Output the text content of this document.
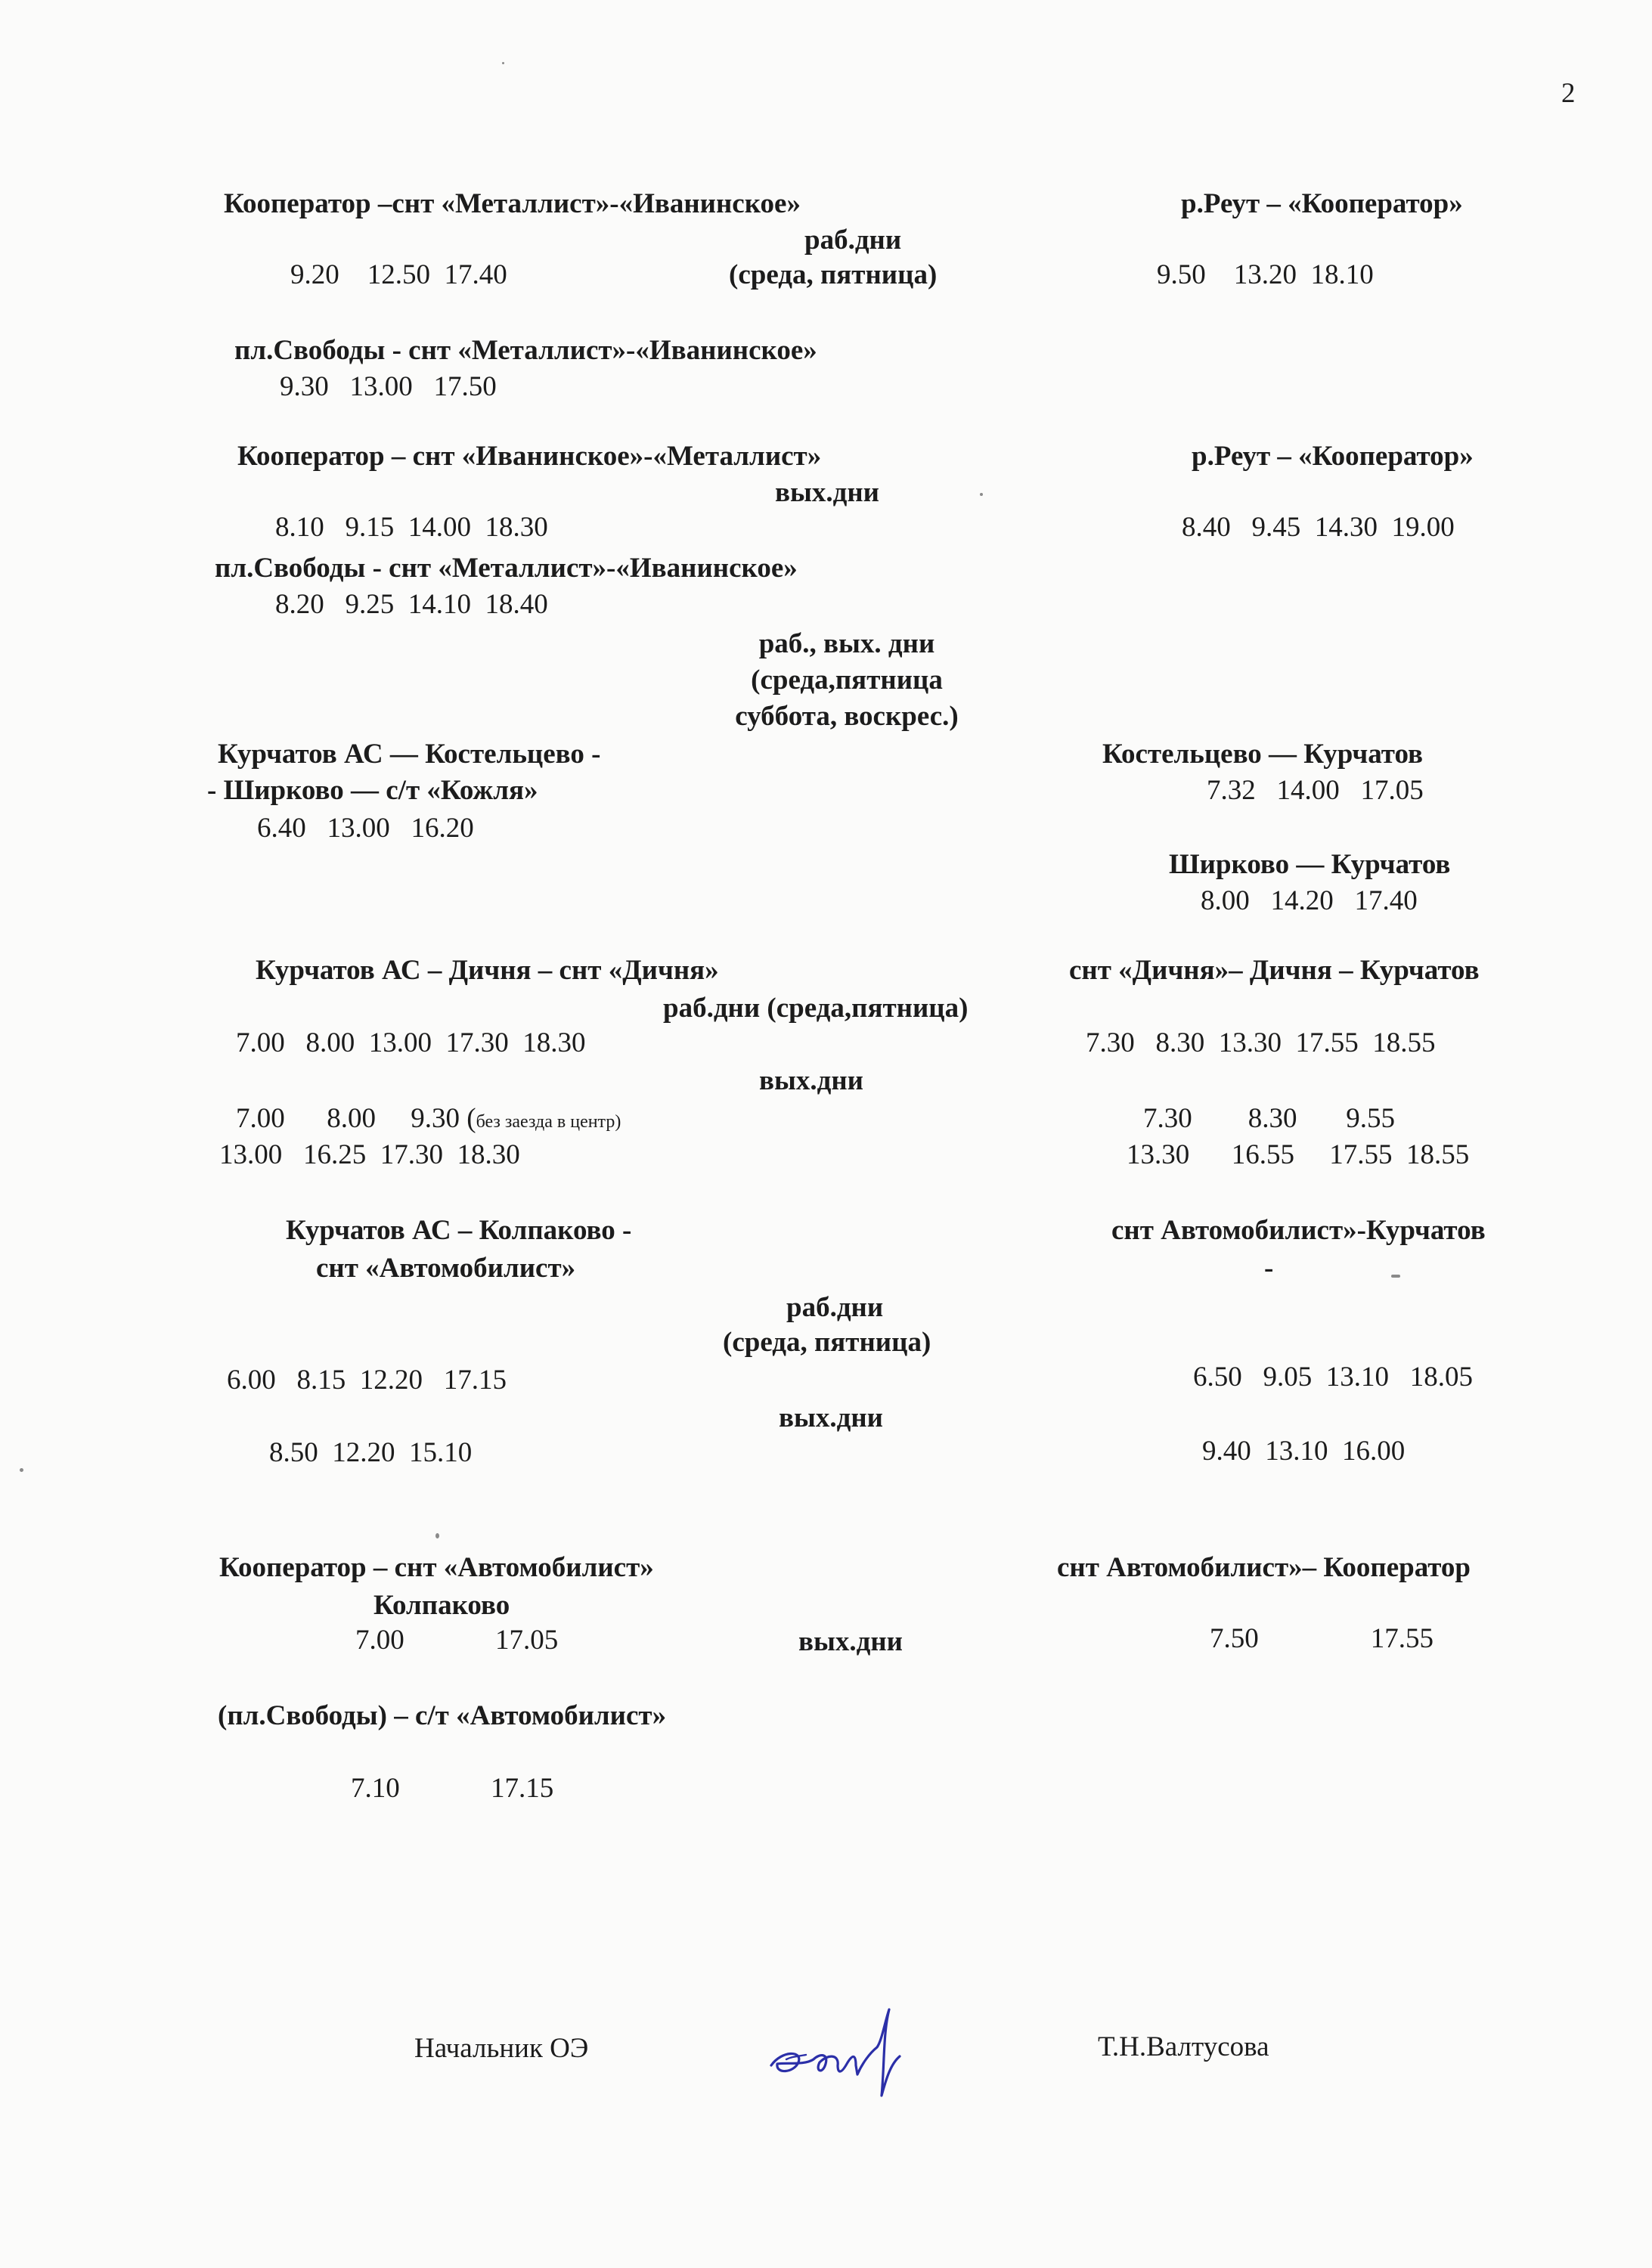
2
Кооператор –снт «Металлист»-«Иванинское»	р.Реут – «Кооператор»
раб.дни
9.20    12.50  17.40	(среда, пятница)	9.50    13.20  18.10
пл.Свободы - снт «Металлист»-«Иванинское»
9.30   13.00   17.50
Кооператор – снт «Иванинское»-«Металлист»	р.Реут – «Кооператор»
вых.дни
8.10   9.15  14.00  18.30	8.40   9.45  14.30  19.00
пл.Свободы - снт «Металлист»-«Иванинское»
8.20   9.25  14.10  18.40
раб., вых. дни
(среда,пятница
суббота, воскрес.)
Курчатов АС — Костельцево -	Костельцево — Курчатов
- Ширково — с/т «Кожля»	7.32   14.00   17.05
6.40   13.00   16.20
Ширково — Курчатов
8.00   14.20   17.40
Курчатов АС – Дичня – снт «Дичня»	снт «Дичня»– Дичня – Курчатов
раб.дни (среда,пятница)
7.00   8.00  13.00  17.30  18.30	7.30   8.30  13.30  17.55  18.55
вых.дни
7.00      8.00     9.30 (без заезда в центр)	7.30        8.30       9.55
13.00   16.25  17.30  18.30	13.30      16.55     17.55  18.55
Курчатов АС – Колпаково -	снт Автомобилист»-Курчатов
снт «Автомобилист»	-
раб.дни
(среда, пятница)
6.00   8.15  12.20   17.15	6.50   9.05  13.10   18.05
вых.дни
8.50  12.20  15.10	9.40  13.10  16.00
Кооператор – снт «Автомобилист»	снт Автомобилист»– Кооператор
Колпаково
7.00             17.05	вых.дни	7.50                17.55
(пл.Свободы) – с/т «Автомобилист»
7.10             17.15
Начальник ОЭ	Т.Н.Валтусова
